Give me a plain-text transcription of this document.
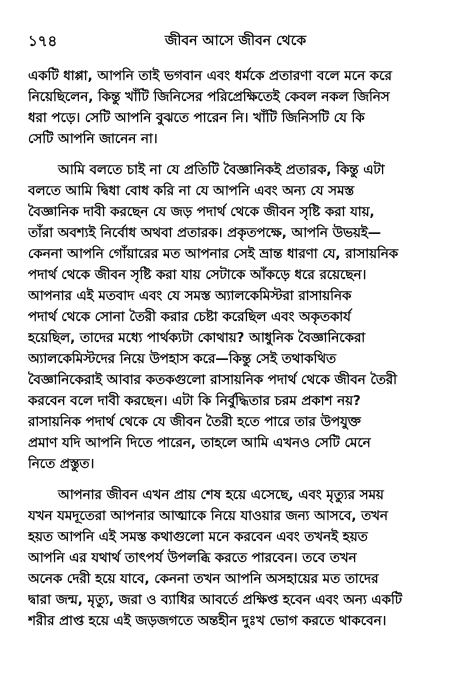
১৭৪	জীবন আসে জীবন থেকে
একটি ধাপ্পা, আপনি তাই ভগবান এবং ধর্মকে প্রতারণা বলে মনে করে
নিয়েছিলেন, কিন্তু খাঁটি জিনিসের পরিপ্রেক্ষিতেই কেবল নকল জিনিস
ধরা পড়ে। সেটি আপনি বুঝতে পারেন নি। খাঁটি জিনিসটি যে কি
সেটি আপনি জানেন না।
আমি বলতে চাই না যে প্রতিটি বৈজ্ঞানিকই প্রতারক, কিন্তু এটা
বলতে আমি দ্বিধা বোধ করি না যে আপনি এবং অন্য যে সমস্ত
বৈজ্ঞানিক দাবী করছেন যে জড় পদার্থ থেকে জীবন সৃষ্টি করা যায়,
তাঁরা অবশ্যই নির্বোধ অথবা প্রতারক। প্রকৃতপক্ষে, আপনি উভয়ই—
কেননা আপনি গোঁয়ারের মত আপনার সেই ভ্রান্ত ধারণা যে, রাসায়নিক
পদার্থ থেকে জীবন সৃষ্টি করা যায় সেটাকে আঁকড়ে ধরে রয়েছেন।
আপনার এই মতবাদ এবং যে সমস্ত অ্যালকেমিস্টরা রাসায়নিক
পদার্থ থেকে সোনা তৈরী করার চেষ্টা করেছিল এবং অকৃতকার্য
হয়েছিল, তাদের মধ্যে পার্থক্যটা কোথায়? আধুনিক বৈজ্ঞানিকেরা
অ্যালকেমিস্টদের নিয়ে উপহাস করে—কিন্তু সেই তথাকথিত
বৈজ্ঞানিকেরাই আবার কতকগুলো রাসায়নিক পদার্থ থেকে জীবন তৈরী
করবেন বলে দাবী করছেন। এটা কি নির্বুদ্ধিতার চরম প্রকাশ নয়?
রাসায়নিক পদার্থ থেকে যে জীবন তৈরী হতে পারে তার উপযুক্ত
প্রমাণ যদি আপনি দিতে পারেন, তাহলে আমি এখনও সেটি মেনে
নিতে প্রস্তুত।
আপনার জীবন এখন প্রায় শেষ হয়ে এসেছে, এবং মৃত্যুর সময়
যখন যমদূতেরা আপনার আত্মাকে নিয়ে যাওয়ার জন্য আসবে, তখন
হয়ত আপনি এই সমস্ত কথাগুলো মনে করবেন এবং তখনই হয়ত
আপনি এর যথার্থ তাৎপর্য উপলব্ধি করতে পারবেন। তবে তখন
অনেক দেরী হয়ে যাবে, কেননা তখন আপনি অসহায়ের মত তাদের
দ্বারা জন্ম, মৃত্যু, জরা ও ব্যাধির আবর্তে প্রক্ষিপ্ত হবেন এবং অন্য একটি
শরীর প্রাপ্ত হয়ে এই জড়জগতে অন্তহীন দুঃখ ভোগ করতে থাকবেন।
